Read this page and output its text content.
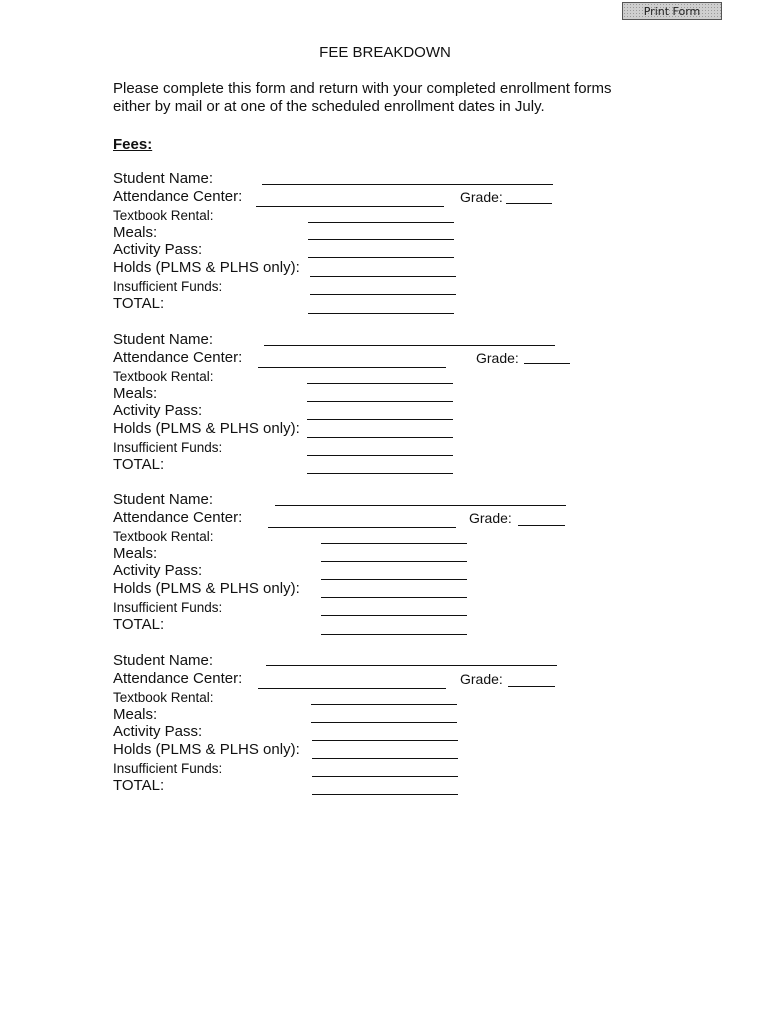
Print Form
FEE BREAKDOWN
Please complete this form and return with your completed enrollment forms
either by mail or at one of the scheduled enrollment dates in July.
Fees:
Student Name:
Attendance Center:	Grade:
Textbook Rental:
Meals:
Activity Pass:
Holds (PLMS & PLHS only):
Insufficient Funds:
TOTAL:
Student Name:
Attendance Center:	Grade:
Textbook Rental:
Meals:
Activity Pass:
Holds (PLMS & PLHS only):
Insufficient Funds:
TOTAL:
Student Name:
Attendance Center:	Grade:
Textbook Rental:
Meals:
Activity Pass:
Holds (PLMS & PLHS only):
Insufficient Funds:
TOTAL:
Student Name:
Attendance Center:	Grade:
Textbook Rental:
Meals:
Activity Pass:
Holds (PLMS & PLHS only):
Insufficient Funds:
TOTAL:
